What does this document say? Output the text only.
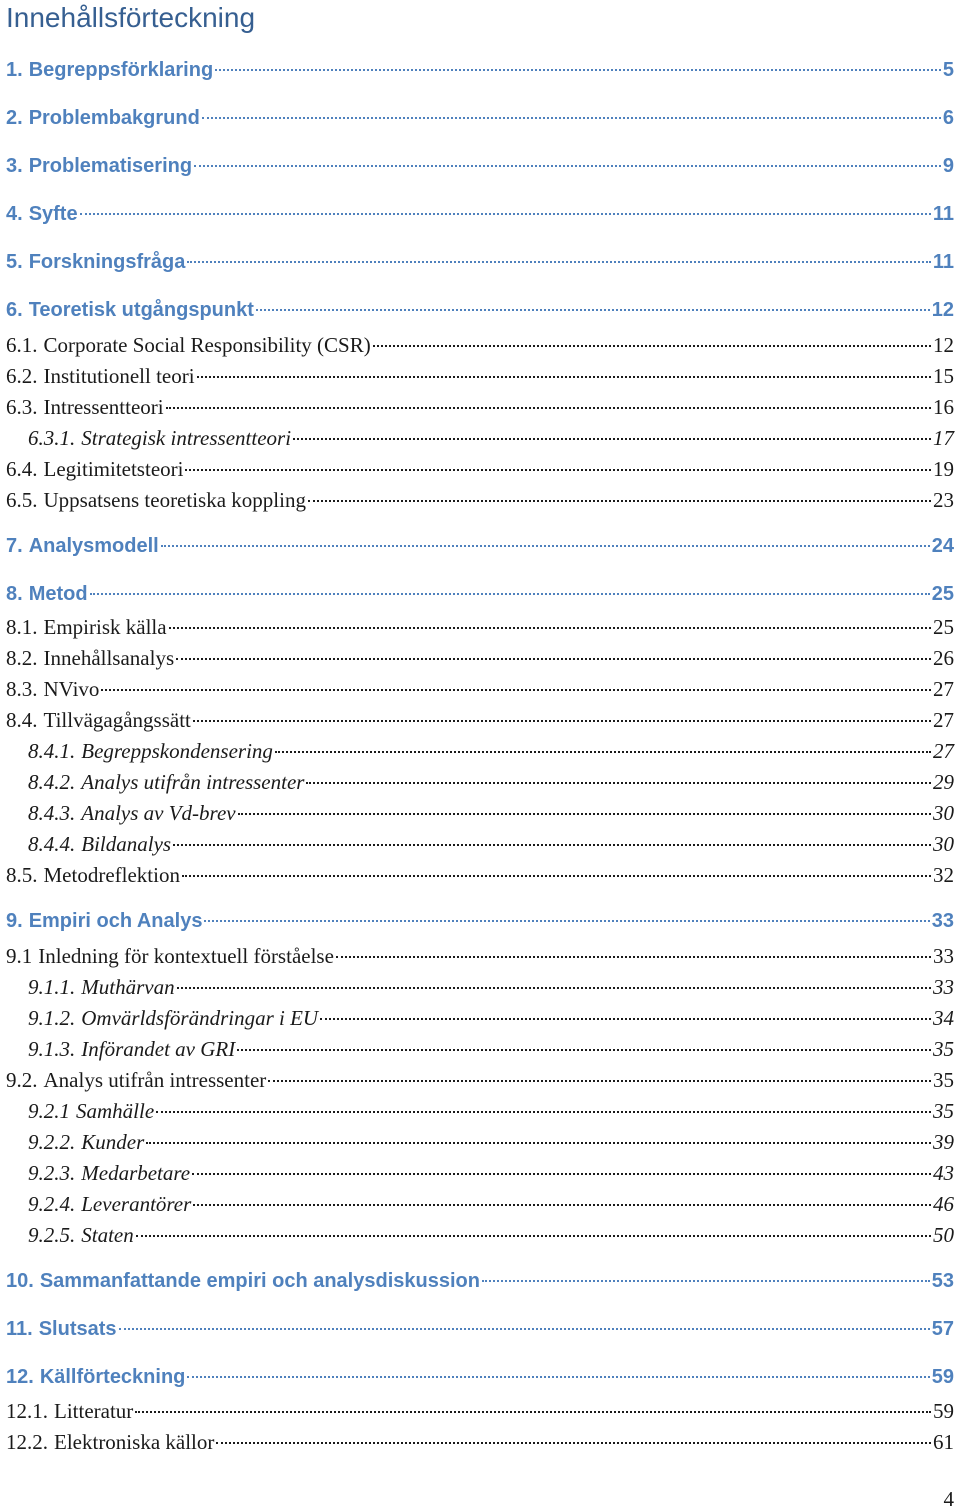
Innehållsförteckning
1. Begreppsförklaring	5
2. Problembakgrund	6
3. Problematisering	9
4. Syfte	11
5. Forskningsfråga	11
6. Teoretisk utgångspunkt	12
6.1. Corporate Social Responsibility (CSR)	12
6.2. Institutionell teori	15
6.3. Intressentteori	16
6.3.1. Strategisk intressentteori	17
6.4. Legitimitetsteori	19
6.5. Uppsatsens teoretiska koppling	23
7. Analysmodell	24
8. Metod	25
8.1. Empirisk källa	25
8.2. Innehållsanalys	26
8.3. NVivo	27
8.4. Tillvägagångssätt	27
8.4.1. Begreppskondensering	27
8.4.2. Analys utifrån intressenter	29
8.4.3. Analys av Vd-brev	30
8.4.4. Bildanalys	30
8.5. Metodreflektion	32
9. Empiri och Analys	33
9.1 Inledning för kontextuell förståelse	33
9.1.1. Muthärvan	33
9.1.2. Omvärldsförändringar i EU	34
9.1.3. Införandet av GRI	35
9.2. Analys utifrån intressenter	35
9.2.1 Samhälle	35
9.2.2. Kunder	39
9.2.3. Medarbetare	43
9.2.4. Leverantörer	46
9.2.5. Staten	50
10. Sammanfattande empiri och analysdiskussion	53
11. Slutsats	57
12. Källförteckning	59
12.1. Litteratur	59
12.2. Elektroniska källor	61
4
